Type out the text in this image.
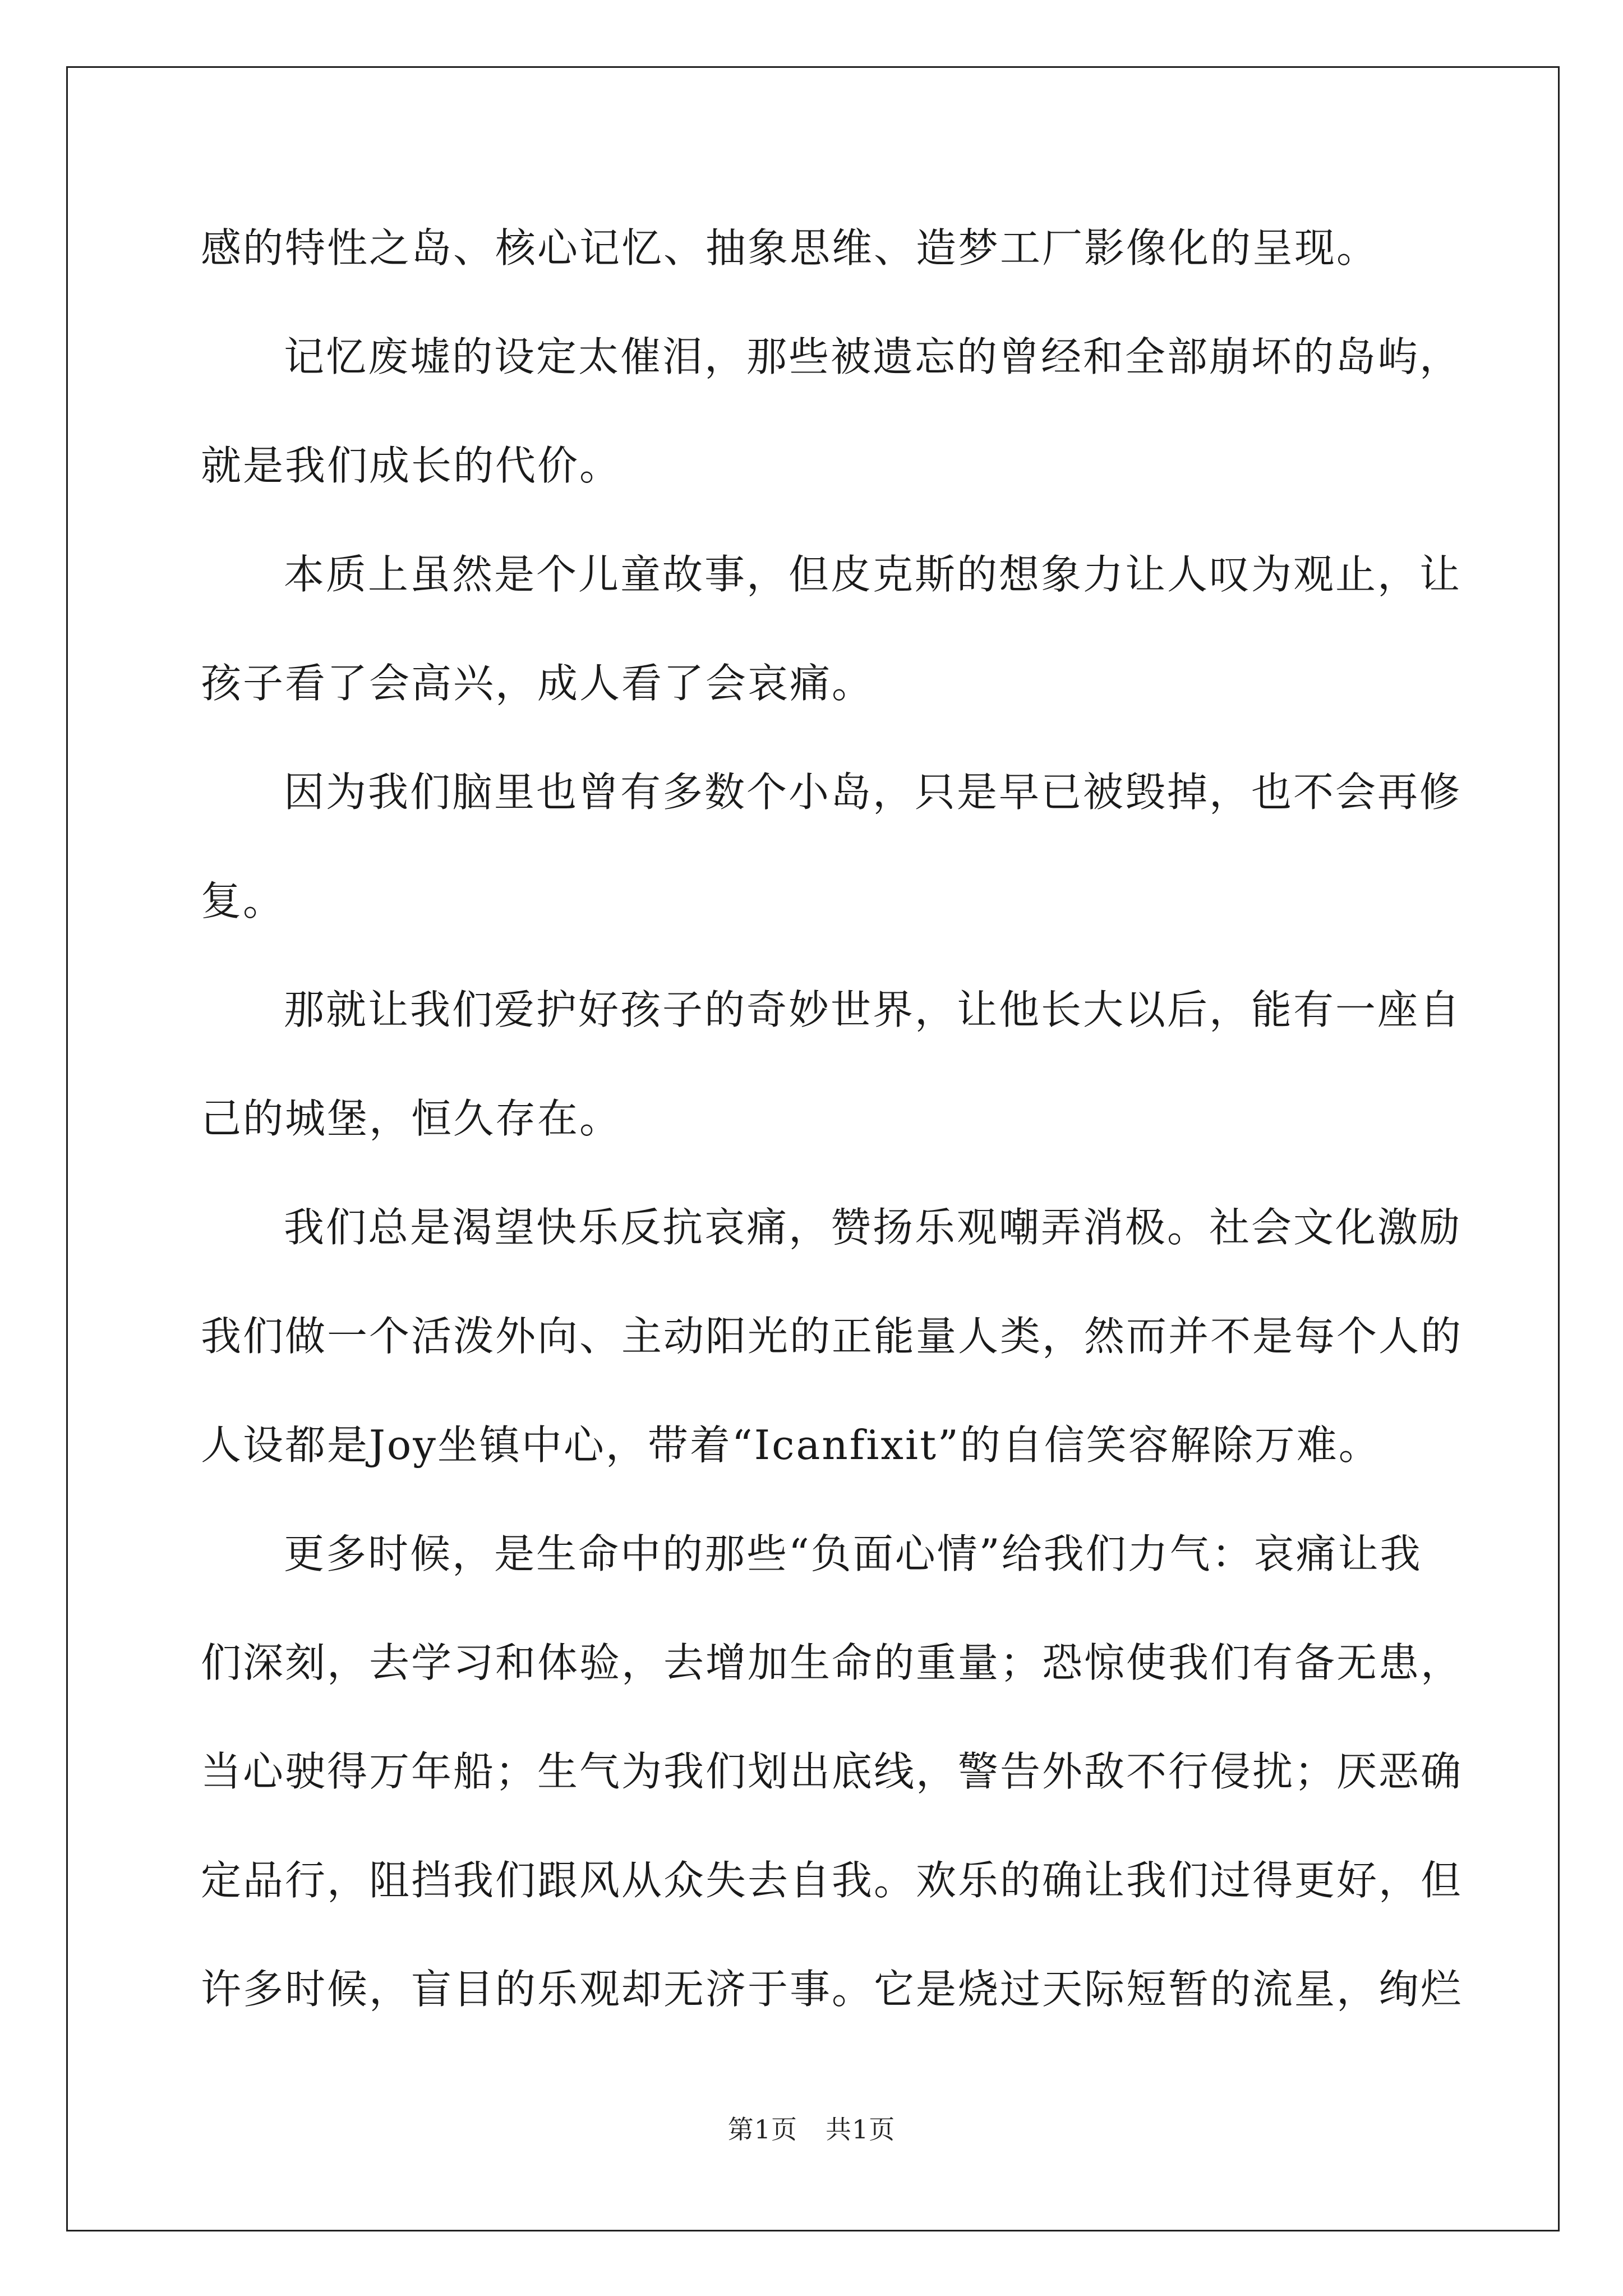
感的特性之岛、核心记忆、抽象思维、造梦工厂影像化的呈现。
记忆废墟的设定太催泪，那些被遗忘的曾经和全部崩坏的岛屿，
就是我们成长的代价。
本质上虽然是个儿童故事，但皮克斯的想象力让人叹为观止，让
孩子看了会高兴，成人看了会哀痛。
因为我们脑里也曾有多数个小岛，只是早已被毁掉，也不会再修
复。
那就让我们爱护好孩子的奇妙世界，让他长大以后，能有一座自
己的城堡，恒久存在。
我们总是渴望快乐反抗哀痛，赞扬乐观嘲弄消极。社会文化激励
我们做一个活泼外向、主动阳光的正能量人类，然而并不是每个人的
人设都是Joy坐镇中心，带着“Icanfixit”的自信笑容解除万难。
更多时候，是生命中的那些“负面心情”给我们力气：哀痛让我
们深刻，去学习和体验，去增加生命的重量；恐惊使我们有备无患，
当心驶得万年船；生气为我们划出底线，警告外敌不行侵扰；厌恶确
定品行，阻挡我们跟风从众失去自我。欢乐的确让我们过得更好，但
许多时候，盲目的乐观却无济于事。它是烧过天际短暂的流星，绚烂
第1页 共1页
